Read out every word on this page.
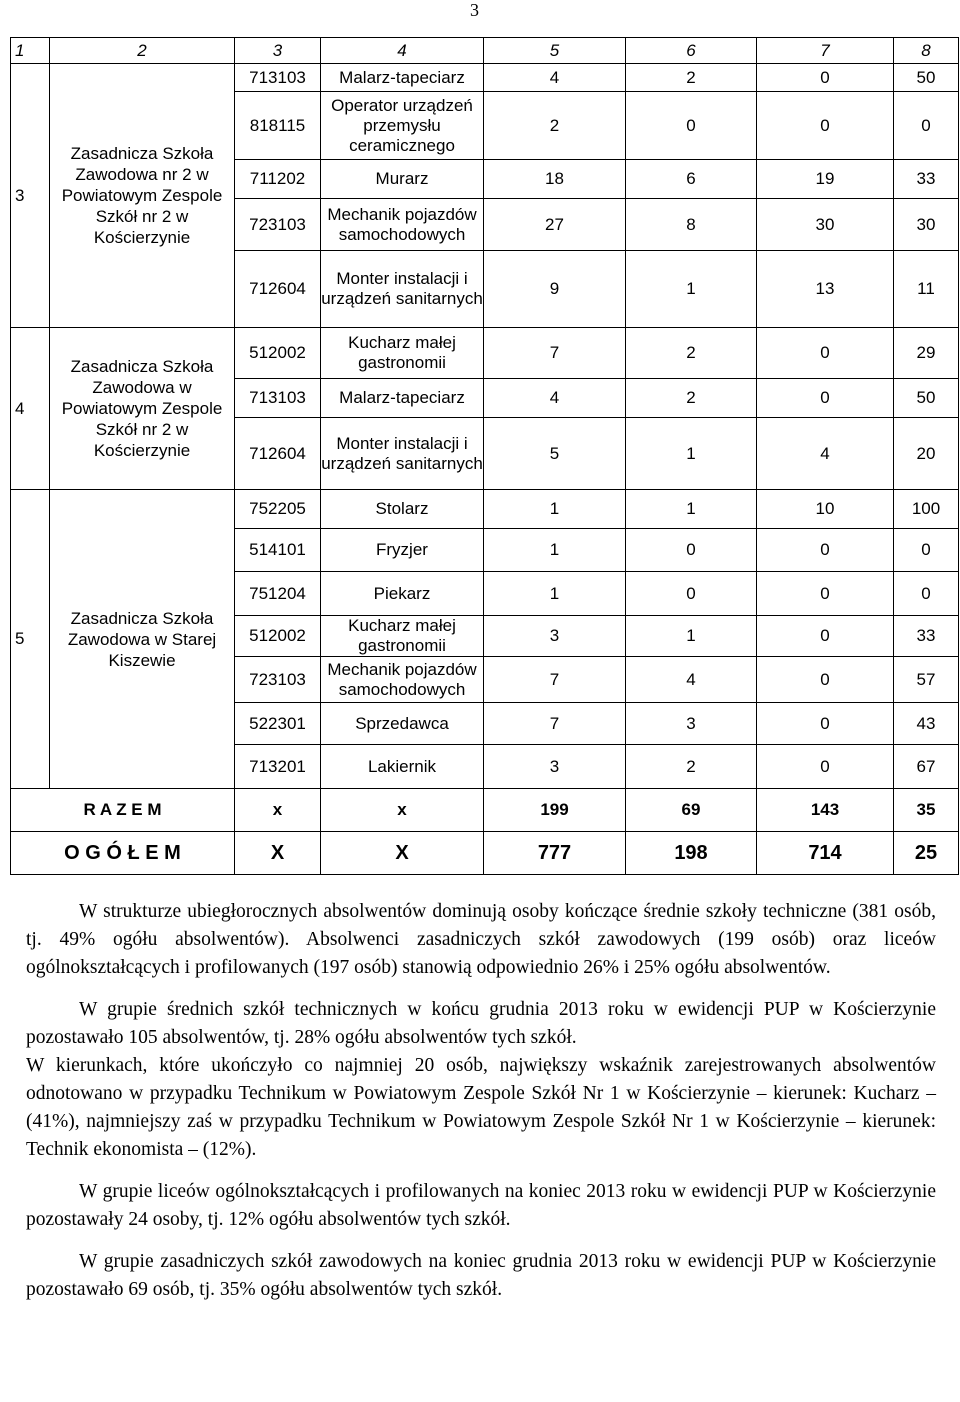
3
1	2	3	4	5	6	7	8
3	Zasadnicza Szkoła Zawodowa nr 2 w Powiatowym Zespole Szkół nr 2 w Kościerzynie	713103	Malarz-tapeciarz	4	2	0	50
		818115	Operator urządzeń przemysłu ceramicznego	2	0	0	0
		711202	Murarz	18	6	19	33
		723103	Mechanik pojazdów samochodowych	27	8	30	30
		712604	Monter instalacji i urządzeń sanitarnych	9	1	13	11
4	Zasadnicza Szkoła Zawodowa w Powiatowym Zespole Szkół nr 2 w Kościerzynie	512002	Kucharz małej gastronomii	7	2	0	29
		713103	Malarz-tapeciarz	4	2	0	50
		712604	Monter instalacji i urządzeń sanitarnych	5	1	4	20
5	Zasadnicza Szkoła Zawodowa w Starej Kiszewie	752205	Stolarz	1	1	10	100
		514101	Fryzjer	1	0	0	0
		751204	Piekarz	1	0	0	0
		512002	Kucharz małej gastronomii	3	1	0	33
		723103	Mechanik pojazdów samochodowych	7	4	0	57
		522301	Sprzedawca	7	3	0	43
		713201	Lakiernik	3	2	0	67
R A Z E M		x	x	199	69	143	35
O G Ó Ł E M		X	X	777	198	714	25

W strukturze ubiegłorocznych absolwentów dominują osoby kończące średnie szkoły techniczne (381 osób, tj. 49% ogółu absolwentów). Absolwenci zasadniczych szkół zawodowych (199 osób) oraz liceów ogólnokształcących i profilowanych (197 osób) stanowią odpowiednio 26% i 25% ogółu absolwentów.

W grupie średnich szkół technicznych w końcu grudnia 2013 roku w ewidencji PUP w Kościerzynie pozostawało 105 absolwentów, tj. 28% ogółu absolwentów tych szkół.

W kierunkach, które ukończyło co najmniej 20 osób, największy wskaźnik zarejestrowanych absolwentów odnotowano w przypadku Technikum w Powiatowym Zespole Szkół Nr 1 w Kościerzynie – kierunek: Kucharz – (41%), najmniejszy zaś w przypadku Technikum w Powiatowym Zespole Szkół Nr 1 w Kościerzynie – kierunek: Technik ekonomista – (12%).

W grupie liceów ogólnokształcących i profilowanych na koniec 2013 roku w ewidencji PUP w Kościerzynie pozostawały 24 osoby, tj. 12% ogółu absolwentów tych szkół.

W grupie zasadniczych szkół zawodowych na koniec grudnia 2013 roku w ewidencji PUP w Kościerzynie pozostawało 69 osób, tj. 35% ogółu absolwentów tych szkół.
